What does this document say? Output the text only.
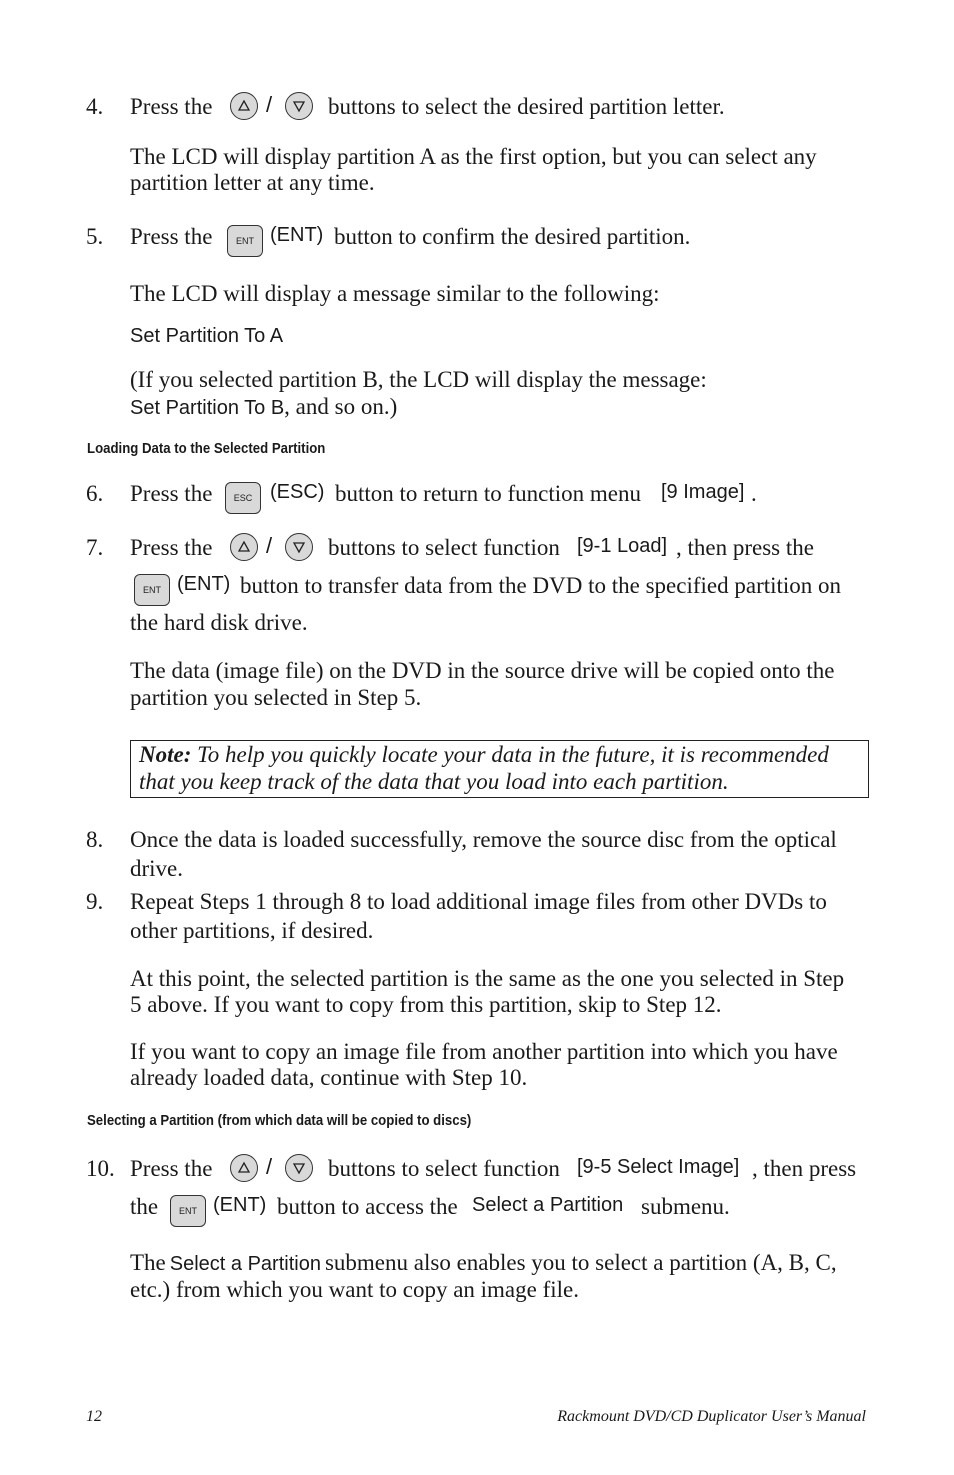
4. Press the / buttons to select the desired partition letter.
The LCD will display partition A as the first option, but you can select any
partition letter at any time.
5. Press the	ENT (ENT) button to confirm the desired partition.
The LCD will display a message similar to the following:
Set Partition To A
(If you selected partition B, the LCD will display the message:
Set Partition To B, and so on.)
Loading Data to the Selected Partition
6. Press the	ESC (ESC) button to return to function menu [9 Image] .
7. Press the / buttons to select function [9-1 Load] , then press the
ENT (ENT) button to transfer data from the DVD to the specified partition on
the hard disk drive.
The data (image file) on the DVD in the source drive will be copied onto the
partition you selected in Step 5.
Note: To help you quickly locate your data in the future, it is recommended
that you keep track of the data that you load into each partition.
8. Once the data is loaded successfully, remove the source disc from the optical
drive.
9. Repeat Steps 1 through 8 to load additional image files from other DVDs to
other partitions, if desired.
At this point, the selected partition is the same as the one you selected in Step
5 above. If you want to copy from this partition, skip to Step 12.
If you want to copy an image file from another partition into which you have
already loaded data, continue with Step 10.
Selecting a Partition (from which data will be copied to discs)
10. Press the / buttons to select function [9-5 Select Image] , then press
the	ENT (ENT) button to access the Select a Partition submenu.
The Select a Partition submenu also enables you to select a partition (A, B, C,
etc.) from which you want to copy an image file.
12	Rackmount DVD/CD Duplicator User’s Manual
